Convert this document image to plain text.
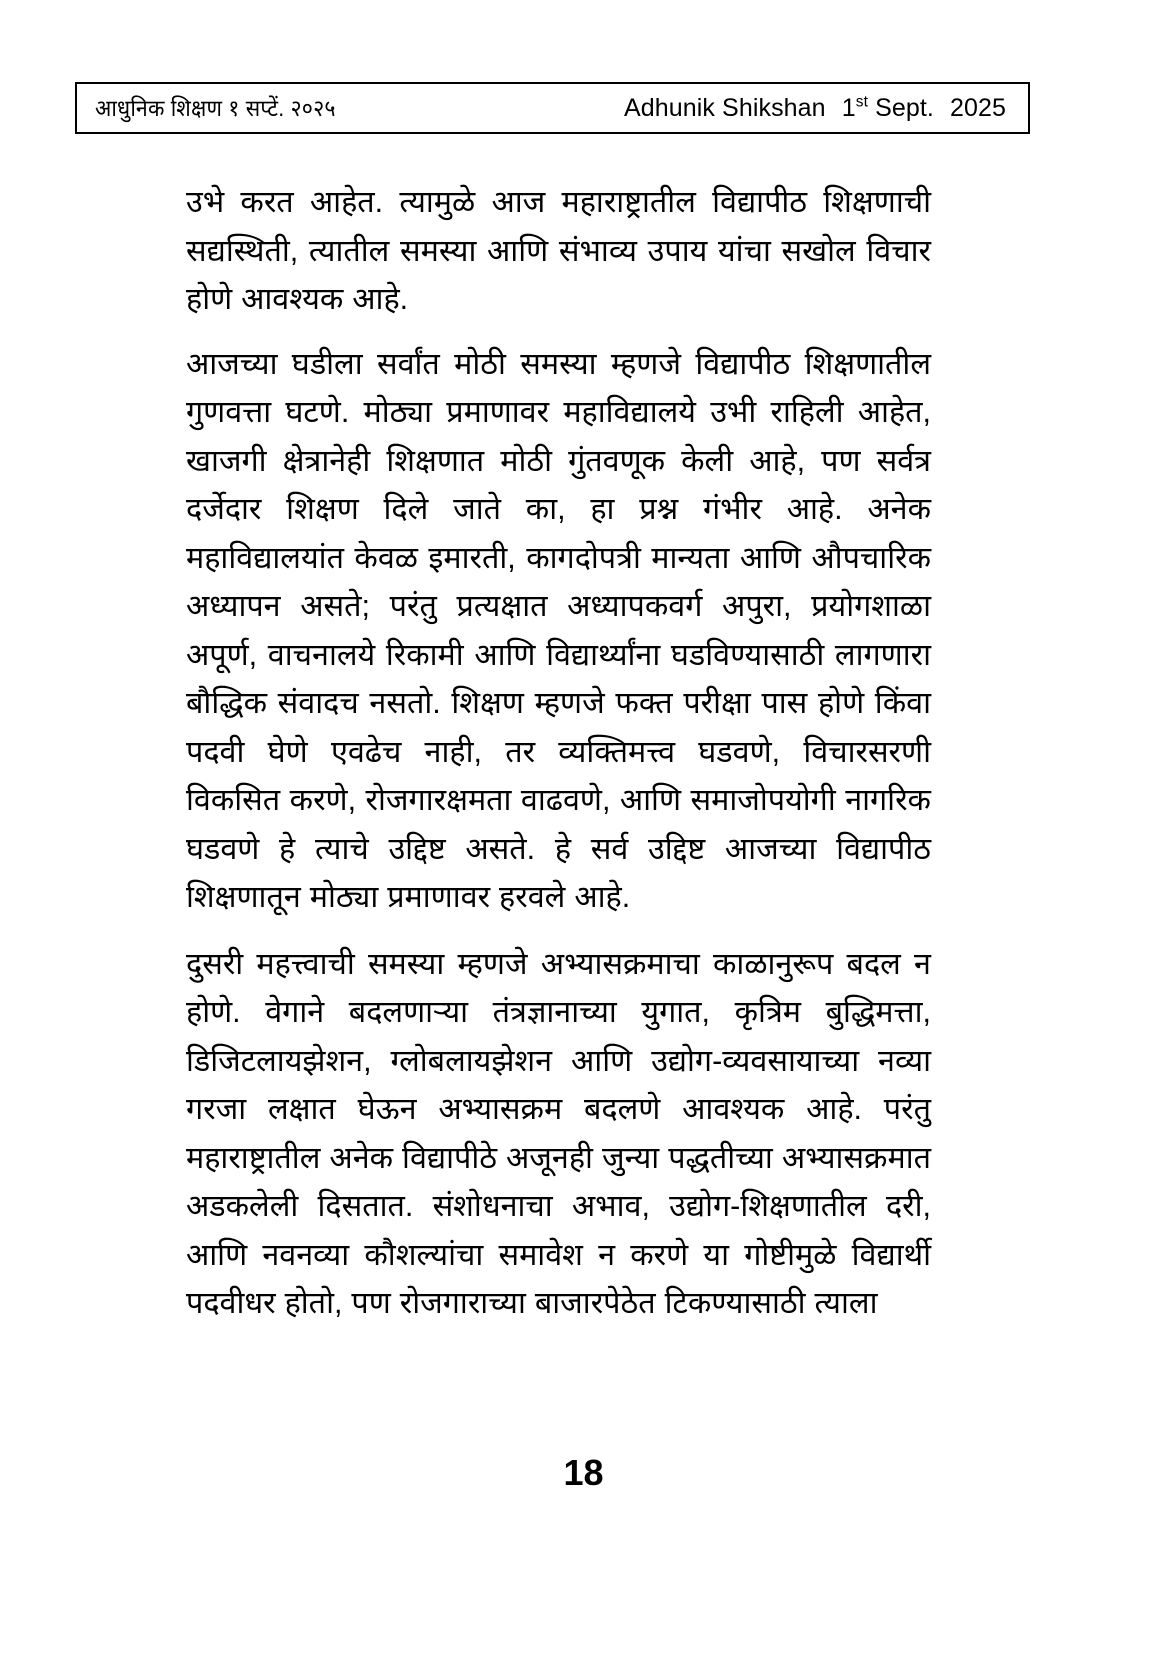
आधुनिक शिक्षण १ सप्टें. २०२५	Adhunik Shikshan 1st Sept. 2025

उभे करत आहेत. त्यामुळे आज महाराष्ट्रातील विद्यापीठ शिक्षणाची सद्यस्थिती, त्यातील समस्या आणि संभाव्य उपाय यांचा सखोल विचार होणे आवश्यक आहे.

आजच्या घडीला सर्वांत मोठी समस्या म्हणजे विद्यापीठ शिक्षणातील गुणवत्ता घटणे. मोठ्या प्रमाणावर महाविद्यालये उभी राहिली आहेत, खाजगी क्षेत्रानेही शिक्षणात मोठी गुंतवणूक केली आहे, पण सर्वत्र दर्जेदार शिक्षण दिले जाते का, हा प्रश्न गंभीर आहे. अनेक महाविद्यालयांत केवळ इमारती, कागदोपत्री मान्यता आणि औपचारिक अध्यापन असते; परंतु प्रत्यक्षात अध्यापकवर्ग अपुरा, प्रयोगशाळा अपूर्ण, वाचनालये रिकामी आणि विद्यार्थ्यांना घडविण्यासाठी लागणारा बौद्धिक संवादच नसतो. शिक्षण म्हणजे फक्त परीक्षा पास होणे किंवा पदवी घेणे एवढेच नाही, तर व्यक्तिमत्त्व घडवणे, विचारसरणी विकसित करणे, रोजगारक्षमता वाढवणे, आणि समाजोपयोगी नागरिक घडवणे हे त्याचे उद्दिष्ट असते. हे सर्व उद्दिष्ट आजच्या विद्यापीठ शिक्षणातून मोठ्या प्रमाणावर हरवले आहे.

दुसरी महत्त्वाची समस्या म्हणजे अभ्यासक्रमाचा काळानुरूप बदल न होणे. वेगाने बदलणाऱ्या तंत्रज्ञानाच्या युगात, कृत्रिम बुद्धिमत्ता, डिजिटलायझेशन, ग्लोबलायझेशन आणि उद्योग-व्यवसायाच्या नव्या गरजा लक्षात घेऊन अभ्यासक्रम बदलणे आवश्यक आहे. परंतु महाराष्ट्रातील अनेक विद्यापीठे अजूनही जुन्या पद्धतीच्या अभ्यासक्रमात अडकलेली दिसतात. संशोधनाचा अभाव, उद्योग-शिक्षणातील दरी, आणि नवनव्या कौशल्यांचा समावेश न करणे या गोष्टीमुळे विद्यार्थी पदवीधर होतो, पण रोजगाराच्या बाजारपेठेत टिकण्यासाठी त्याला

18
